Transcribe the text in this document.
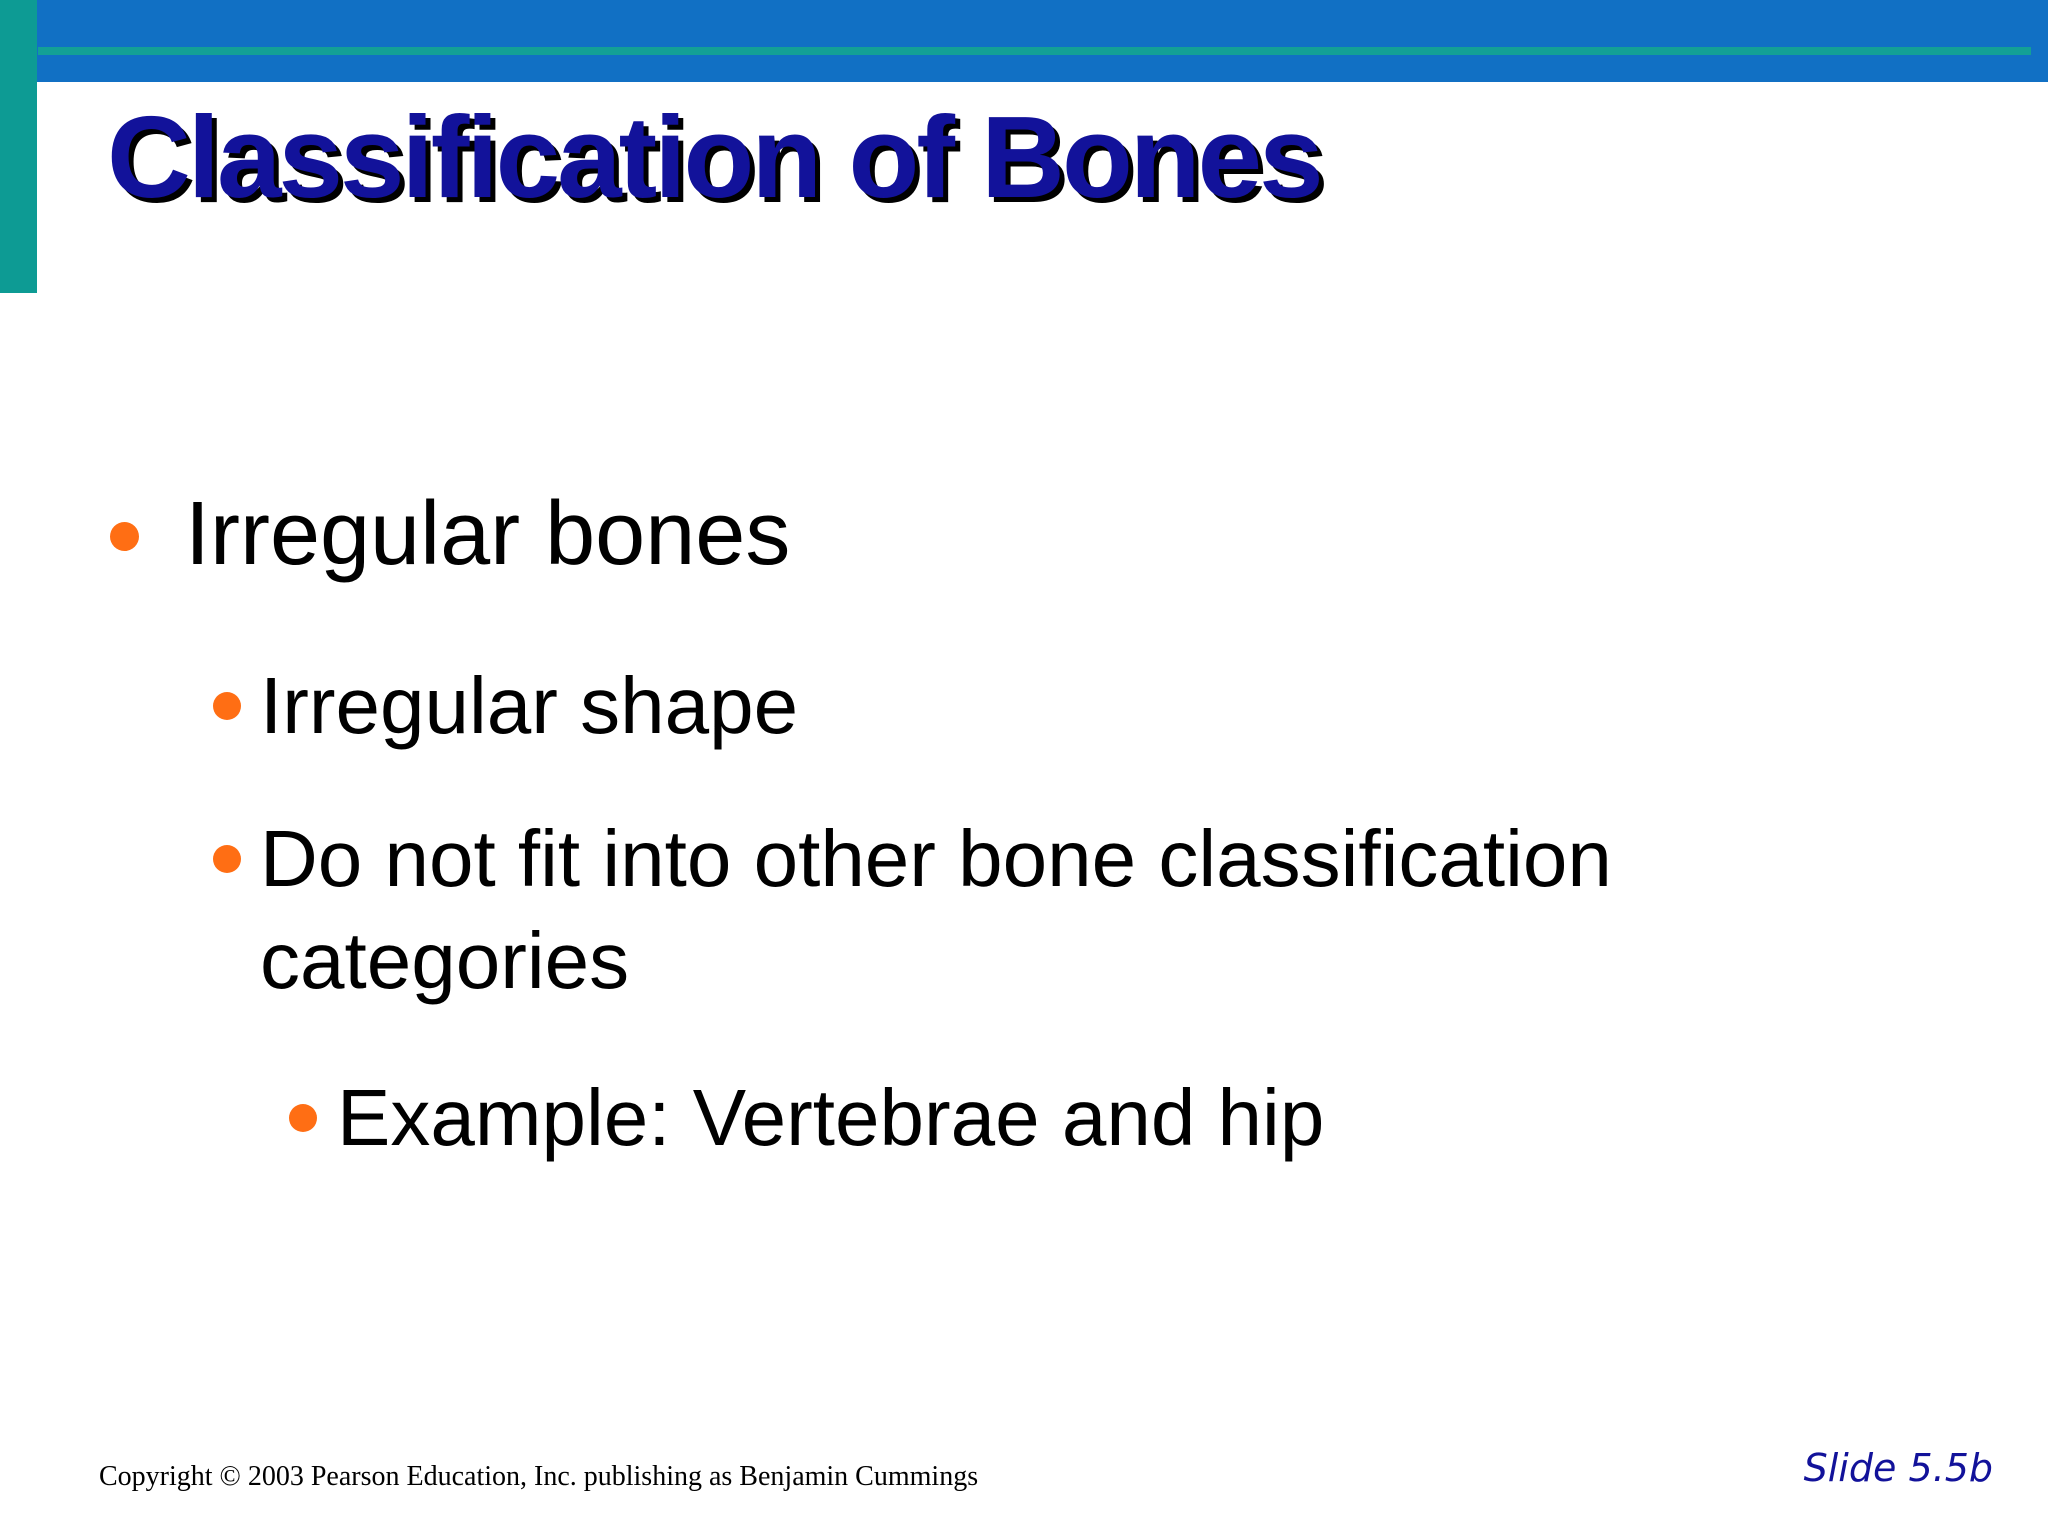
Classification of Bones
Irregular bones
Irregular shape
Do not fit into other bone classification categories
Example: Vertebrae and hip
Copyright © 2003 Pearson Education, Inc. publishing as Benjamin Cummings	Slide 5.5b
